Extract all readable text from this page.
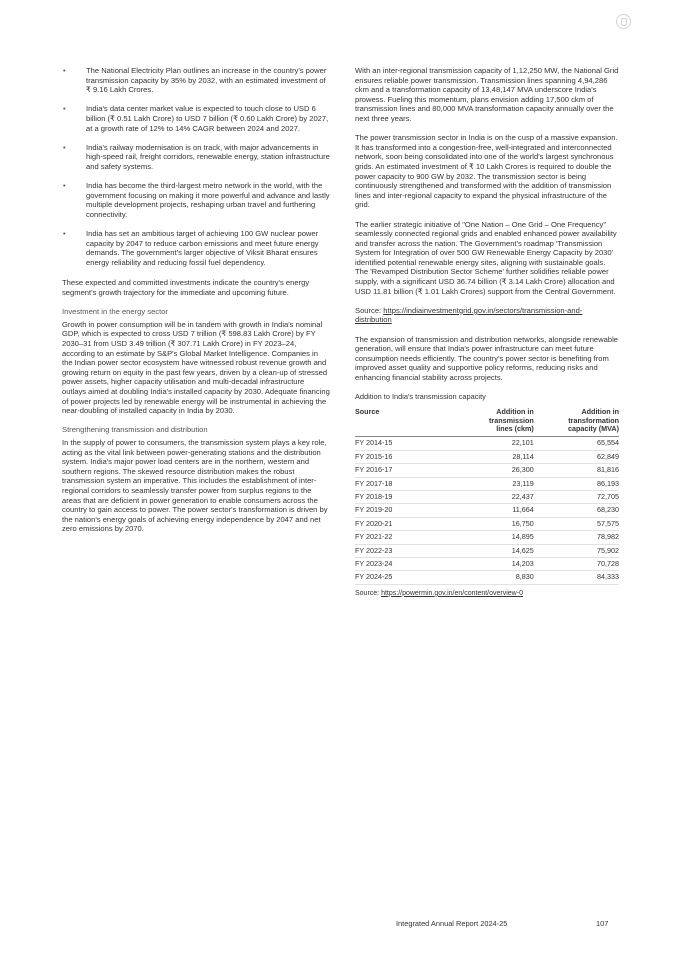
• The National Electricity Plan outlines an increase in the country's power transmission capacity by 35% by 2032, with an estimated investment of ₹ 9.16 Lakh Crores.
• India's data center market value is expected to touch close to USD 6 billion (₹ 0.51 Lakh Crore) to USD 7 billion (₹ 0.60 Lakh Crore) by 2027, at a growth rate of 12% to 14% CAGR between 2024 and 2027.
• India's railway modernisation is on track, with major advancements in high-speed rail, freight corridors, renewable energy, station infrastructure and safety systems.
• India has become the third-largest metro network in the world, with the government focusing on making it more powerful and advance and lastly multiple development projects, reshaping urban travel and furthering connectivity.
• India has set an ambitious target of achieving 100 GW nuclear power capacity by 2047 to reduce carbon emissions and meet future energy demands. The government's larger objective of Viksit Bharat ensures energy reliability and reducing fossil fuel dependency.

These expected and committed investments indicate the country's energy segment's growth trajectory for the immediate and upcoming future.

Investment in the energy sector

Growth in power consumption will be in tandem with growth in India's nominal GDP, which is expected to cross USD 7 trillion (₹ 598.83 Lakh Crore) by FY 2030–31 from USD 3.49 trillion (₹ 307.71 Lakh Crore) in FY 2023–24, according to an estimate by S&P's Global Market Intelligence. Companies in the Indian power sector ecosystem have witnessed robust revenue growth and growing return on equity in the past few years, driven by a clean-up of stressed power assets, higher capacity utilisation and multi-decadal infrastructure outlays aimed at doubling India's installed capacity by 2030. Adequate financing of power projects led by renewable energy will be instrumental in achieving the near-doubling of installed capacity in India by 2030.

Strengthening transmission and distribution

In the supply of power to consumers, the transmission system plays a key role, acting as the vital link between power-generating stations and the distribution system. India's major power load centers are in the northern, western and southern regions. The skewed resource distribution makes the robust transmission system an imperative. This includes the establishment of inter-regional corridors to seamlessly transfer power from surplus regions to the areas that are deficient in power generation to enable consumers across the country to gain access to power. The power sector's transformation is driven by the nation's energy goals of achieving energy independence by 2047 and net zero emissions by 2070.

With an inter-regional transmission capacity of 1,12,250 MW, the National Grid ensures reliable power transmission. Transmission lines spanning 4,94,286 ckm and a transformation capacity of 13,48,147 MVA underscore India's prowess. Fueling this momentum, plans envision adding 17,500 ckm of transmission lines and 80,000 MVA transformation capacity annually over the next three years.

The power transmission sector in India is on the cusp of a massive expansion. It has transformed into a congestion-free, well-integrated and interconnected network, soon being consolidated into one of the world's largest synchronous grids. An estimated investment of ₹ 10 Lakh Crores is required to double the power capacity to 900 GW by 2032. The transmission sector is being continuously strengthened and transformed with the addition of transmission lines and inter-regional capacity to expand the physical infrastructure of the grid.

The earlier strategic initiative of "One Nation – One Grid – One Frequency" seamlessly connected regional grids and enabled enhanced power availability and transfer across the nation. The Government's roadmap 'Transmission System for Integration of over 500 GW Renewable Energy Capacity by 2030' identified potential renewable energy sites, aligning with sustainable goals. The 'Revamped Distribution Sector Scheme' further solidifies reliable power supply, with a significant USD 36.74 billion (₹ 3.14 Lakh Crore) allocation and USD 11.81 billion (₹ 1.01 Lakh Crores) support from the Central Government.

Source: https://indiainvestmentgrid.gov.in/sectors/transmission-and-distribution

The expansion of transmission and distribution networks, alongside renewable generation, will ensure that India's power infrastructure can meet future consumption needs efficiently. The country's power sector is benefiting from improved asset quality and supportive policy reforms, reducing risks and enhancing financial stability across projects.

Addition to India's transmission capacity
Source	Addition in transmission lines (ckm)	Addition in transformation capacity (MVA)
FY 2014-15	22,101	65,554
FY 2015-16	28,114	62,849
FY 2016-17	26,300	81,816
FY 2017-18	23,119	86,193
FY 2018-19	22,437	72,705
FY 2019-20	11,664	68,230
FY 2020-21	16,750	57,575
FY 2021-22	14,895	78,982
FY 2022-23	14,625	75,902
FY 2023-24	14,203	70,728
FY 2024-25	8,830	84,333
Source: https://powermin.gov.in/en/content/overview-0
Integrated Annual Report 2024-25	107
